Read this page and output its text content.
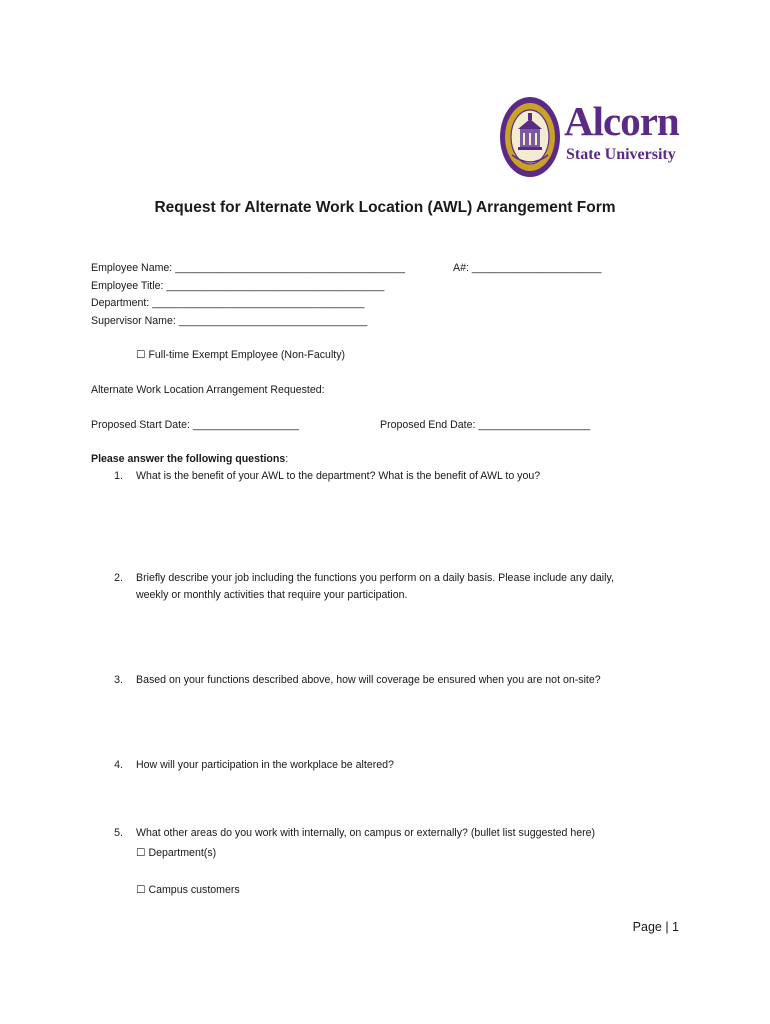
Alcorn
State University
Request for Alternate Work Location (AWL) Arrangement Form
Employee Name: _______________________________________	A#: ______________________
Employee Title: _____________________________________
Department: ____________________________________
Supervisor Name: ________________________________
☐ Full-time Exempt Employee (Non-Faculty)
Alternate Work Location Arrangement Requested:
Proposed Start Date: __________________	Proposed End Date: ___________________
Please answer the following questions:
1. What is the benefit of your AWL to the department? What is the benefit of AWL to you?
2. Briefly describe your job including the functions you perform on a daily basis. Please include any daily,
weekly or monthly activities that require your participation.
3. Based on your functions described above, how will coverage be ensured when you are not on-site?
4. How will your participation in the workplace be altered?
5. What other areas do you work with internally, on campus or externally? (bullet list suggested here)
☐ Department(s)
☐ Campus customers
Page | 1
